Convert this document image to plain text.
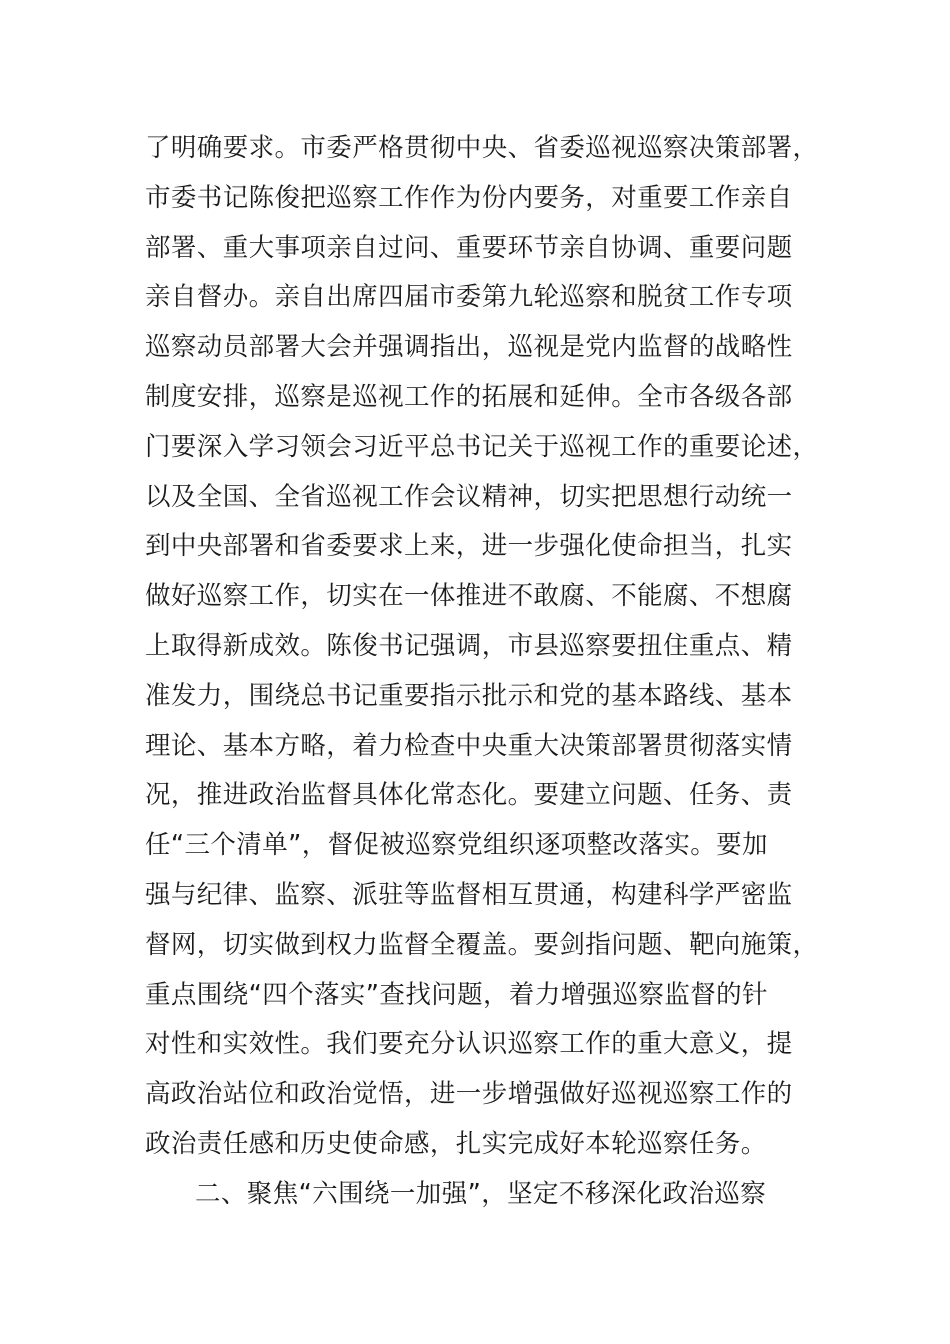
了明确要求。市委严格贯彻中央、省委巡视巡察决策部署，
市委书记陈俊把巡察工作作为份内要务，对重要工作亲自
部署、重大事项亲自过问、重要环节亲自协调、重要问题
亲自督办。亲自出席四届市委第九轮巡察和脱贫工作专项
巡察动员部署大会并强调指出，巡视是党内监督的战略性
制度安排，巡察是巡视工作的拓展和延伸。全市各级各部
门要深入学习领会习近平总书记关于巡视工作的重要论述，
以及全国、全省巡视工作会议精神，切实把思想行动统一
到中央部署和省委要求上来，进一步强化使命担当，扎实
做好巡察工作，切实在一体推进不敢腐、不能腐、不想腐
上取得新成效。陈俊书记强调，市县巡察要扭住重点、精
准发力，围绕总书记重要指示批示和党的基本路线、基本
理论、基本方略，着力检查中央重大决策部署贯彻落实情
况，推进政治监督具体化常态化。要建立问题、任务、责
任“三个清单”，督促被巡察党组织逐项整改落实。要加
强与纪律、监察、派驻等监督相互贯通，构建科学严密监
督网，切实做到权力监督全覆盖。要剑指问题、靶向施策，
重点围绕“四个落实”查找问题，着力增强巡察监督的针
对性和实效性。我们要充分认识巡察工作的重大意义，提
高政治站位和政治觉悟，进一步增强做好巡视巡察工作的
政治责任感和历史使命感，扎实完成好本轮巡察任务。
二、聚焦“六围绕一加强”，坚定不移深化政治巡察
